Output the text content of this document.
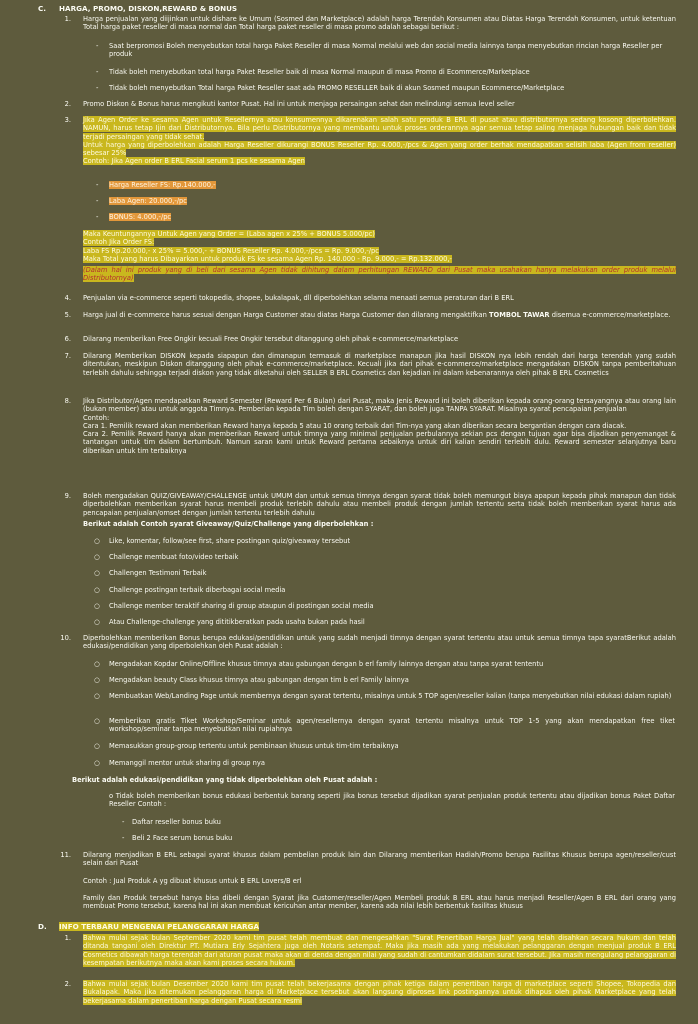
C. HARGA, PROMO, DISKON,REWARD & BONUS
1. Harga penjualan yang diijinkan untuk dishare ke Umum (Sosmed dan Marketplace) adalah harga Terendah Konsumen atau Diatas Harga Terendah Konsumen, untuk ketentuan Total harga paket reseller di masa normal dan Total harga paket reseller di masa promo adalah sebagai berikut :
- Saat berpromosi Boleh menyebutkan total harga Paket Reseller di masa Normal melalui web dan social media lainnya tanpa menyebutkan rincian harga Reseller per produk
- Tidak boleh menyebutkan total harga Paket Reseller baik di masa Normal maupun di masa Promo di Ecommerce/Marketplace
- Tidak boleh menyebutkan Total harga Paket Reseller saat ada PROMO RESELLER baik di akun Sosmed maupun Ecommerce/Marketplace
2. Promo Diskon & Bonus harus mengikuti kantor Pusat. Hal ini untuk menjaga persaingan sehat dan melindungi semua level seller
3. Jika Agen Order ke sesama Agen untuk Resellernya atau konsumennya dikarenakan salah satu produk B ERL di pusat atau distributornya sedang kosong diperbolehkan. NAMUN, harus tetap Ijin dari Distributornya. Bila perlu Distributornya yang membantu untuk proses orderannya agar semua tetap saling menjaga hubungan baik dan tidak terjadi persaingan yang tidak sehat.
Untuk harga yang diperbolehkan adalah Harga Reseller dikurangi BONUS Reseller Rp. 4.000,-/pcs & Agen yang order berhak mendapatkan selisih laba (Agen from reseller) sebesar 25%
Contoh: Jika Agen order B ERL Facial serum 1 pcs ke sesama Agen
- Harga Reseller FS: Rp.140.000,-
- Laba Agen: 20.000,-/pc
- BONUS: 4.000,-/pc
Maka Keuntungannya Untuk Agen yang Order = (Laba agen x 25% + BONUS 5.000/pc)
Contoh Jika Order FS:
Laba FS Rp.20.000,- x 25% = 5.000,- + BONUS Reseller Rp. 4.000,-/pcs = Rp. 9.000,-/pc
Maka Total yang harus Dibayarkan untuk produk FS ke sesama Agen Rp. 140.000 - Rp. 9.000,- = Rp.132.000,-
(Dalam hal ini produk yang di beli dari sesama Agen tidak dihitung dalam perhitungan REWARD dari Pusat maka usahakan hanya melakukan order produk melalui Distributornya)
4. Penjualan via e-commerce seperti tokopedia, shopee, bukalapak, dll diperbolehkan selama menaati semua peraturan dari B ERL
5. Harga jual di e-commerce harus sesuai dengan Harga Customer atau diatas Harga Customer dan dilarang mengaktifkan TOMBOL TAWAR disemua e-commerce/marketplace.
6. Dilarang memberikan Free Ongkir kecuali Free Ongkir tersebut ditanggung oleh pihak e-commerce/marketplace
7. Dilarang Memberikan DISKON kepada siapapun dan dimanapun termasuk di marketplace manapun jika hasil DISKON nya lebih rendah dari harga terendah yang sudah ditentukan, meskipun Diskon ditanggung oleh pihak e-commerce/marketplace. Kecuali jika dari pihak e-commerce/marketplace mengadakan DISKON tanpa pemberitahuan terlebih dahulu sehingga terjadi diskon yang tidak diketahui oleh SELLER B ERL Cosmetics dan kejadian ini dalam kebenarannya oleh pihak B ERL Cosmetics
8. Jika Distributor/Agen mendapatkan Reward Semester (Reward Per 6 Bulan) dari Pusat, maka Jenis Reward ini boleh diberikan kepada orang-orang tersayangnya atau orang lain (bukan member) atau untuk anggota Timnya. Pemberian kepada Tim boleh dengan SYARAT, dan boleh juga TANPA SYARAT. Misalnya syarat pencapaian penjualan
Contoh:
Cara 1. Pemilik reward akan memberikan Reward hanya kepada 5 atau 10 orang terbaik dari Tim-nya yang akan diberikan secara bergantian dengan cara diacak.
Cara 2. Pemilik Reward hanya akan memberikan Reward untuk timnya yang minimal penjualan perbulannya sekian pcs dengan tujuan agar bisa dijadikan penyemangat & tantangan untuk tim dalam bertumbuh. Namun saran kami untuk Reward pertama sebaiknya untuk diri kalian sendiri terlebih dulu. Reward semester selanjutnya baru diberikan untuk tim terbaiknya
9. Boleh mengadakan QUIZ/GIVEAWAY/CHALLENGE untuk UMUM dan untuk semua timnya dengan syarat tidak boleh memungut biaya apapun kepada pihak manapun dan tidak diperbolehkan memberikan syarat harus membeli produk terlebih dahulu atau membeli produk dengan jumlah tertentu serta tidak boleh memberikan syarat harus ada pencapaian penjualan/omset dengan jumlah tertentu terlebih dahulu
Berikut adalah Contoh syarat Giveaway/Quiz/Challenge yang diperbolehkan :
○ Like, komentar, follow/see first, share postingan quiz/giveaway tersebut
○ Challenge membuat foto/video terbaik
○ Challengen Testimoni Terbaik
○ Challenge postingan terbaik diberbagai social media
○ Challenge member teraktif sharing di group ataupun di postingan social media
○ Atau Challenge-challenge yang dititikberatkan pada usaha bukan pada hasil
10. Diperbolehkan memberikan Bonus berupa edukasi/pendidikan untuk yang sudah menjadi timnya dengan syarat tertentu atau untuk semua timnya tapa syaratBerikut adalah edukasi/pendidikan yang diperbolehkan oleh Pusat adalah :
○ Mengadakan Kopdar Online/Offline khusus timnya atau gabungan dengan b erl family lainnya dengan atau tanpa syarat tententu
○ Mengadakan beauty Class khusus timnya atau gabungan dengan tim b erl Family lainnya
○ Membuatkan Web/Landing Page untuk membernya dengan syarat tertentu, misalnya untuk 5 TOP agen/reseller kalian (tanpa menyebutkan nilai edukasi dalam rupiah)
○ Memberikan gratis Tiket Workshop/Seminar untuk agen/resellernya dengan syarat tertentu misalnya untuk TOP 1-5 yang akan mendapatkan free tiket workshop/seminar tanpa menyebutkan nilai rupiahnya
○ Memasukkan group-group tertentu untuk pembinaan khusus untuk tim-tim terbaiknya
○ Memanggil mentor untuk sharing di group nya
Berikut adalah edukasi/pendidikan yang tidak diperbolehkan oleh Pusat adalah :
o Tidak boleh memberikan bonus edukasi berbentuk barang seperti jika bonus tersebut dijadikan syarat penjualan produk tertentu atau dijadikan bonus Paket Daftar Reseller Contoh :
- Daftar reseller bonus buku
- Beli 2 Face serum bonus buku
11. Dilarang menjadikan B ERL sebagai syarat khusus dalam pembelian produk lain dan Dilarang memberikan Hadiah/Promo berupa Fasilitas Khusus berupa agen/reseller/cust selain dari Pusat
Contoh : Jual Produk A yg dibuat khusus untuk B ERL Lovers/B erl
Family dan Produk tersebut hanya bisa dibeli dengan Syarat jika Customer/reseller/Agen Membeli produk B ERL atau harus menjadi Reseller/Agen B ERL dari orang yang membuat Promo tersebut, karena hal ini akan membuat kericuhan antar member, karena ada nilai lebih berbentuk fasilitas khusus
D. INFO TERBARU MENGENAI PELANGGARAN HARGA
1. Bahwa mulai sejak bulan September 2020 kami tim pusat telah membuat dan mengesahkan "Surat Penertiban Harga Jual" yang telah disahkan secara hukum dan telah ditanda tangani oleh Direktur PT. Mutiara Erly Sejahtera juga oleh Notaris setempat. Maka jika masih ada yang melakukan pelanggaran dengan menjual produk B ERL Cosmetics dibawah harga terendah dari aturan pusat maka akan di denda dengan nilai yang sudah di cantumkan didalam surat tersebut. Jika masih mengulang pelanggaran di kesempatan berikutnya maka akan kami proses secara hukum.
2. Bahwa mulai sejak bulan Desember 2020 kami tim pusat telah bekerjasama dengan pihak ketiga dalam penertiban harga di marketplace seperti Shopee, Tokopedia dan Bukalapak. Maka jika ditemukan pelanggaran harga di Marketplace tersebut akan langsung diproses link postingannya untuk dihapus oleh pihak Marketplace yang telah bekerjasama dalam penertiban harga dengan Pusat secara resmi
